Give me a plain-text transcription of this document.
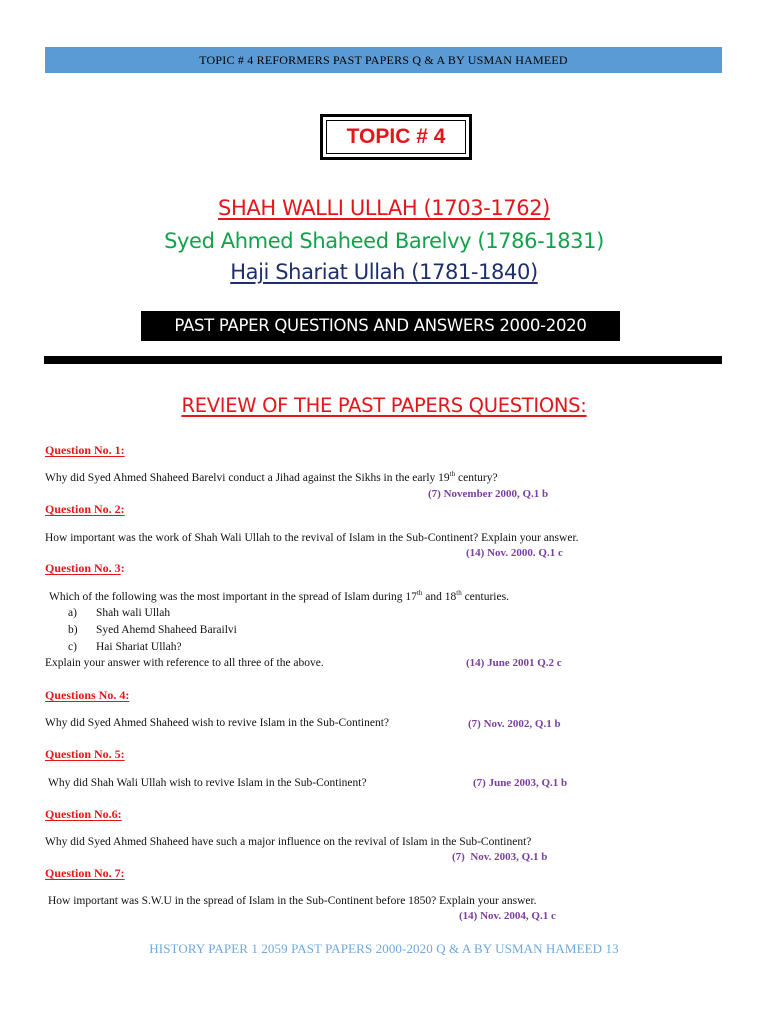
TOPIC # 4 REFORMERS PAST PAPERS Q & A BY USMAN HAMEED
TOPIC # 4
SHAH WALLI ULLAH (1703-1762)
Syed Ahmed Shaheed Barelvy (1786-1831)
Haji Shariat Ullah (1781-1840)
PAST PAPER QUESTIONS AND ANSWERS 2000-2020
REVIEW OF THE PAST PAPERS QUESTIONS:
Question No. 1:
Why did Syed Ahmed Shaheed Barelvi conduct a Jihad against the Sikhs in the early 19th century?
(7) November 2000, Q.1 b
Question No. 2:
How important was the work of Shah Wali Ullah to the revival of Islam in the Sub-Continent? Explain your answer.
(14) Nov. 2000. Q.1 c
Question No. 3:
Which of the following was the most important in the spread of Islam during 17th and 18th centuries.
a) Shah wali Ullah
b) Syed Ahemd Shaheed Barailvi
c) Hai Shariat Ullah?
Explain your answer with reference to all three of the above.	(14) June 2001 Q.2 c
Questions No. 4:
Why did Syed Ahmed Shaheed wish to revive Islam in the Sub-Continent?	(7) Nov. 2002, Q.1 b
Question No. 5:
Why did Shah Wali Ullah wish to revive Islam in the Sub-Continent?	(7) June 2003, Q.1 b
Question No.6:
Why did Syed Ahmed Shaheed have such a major influence on the revival of Islam in the Sub-Continent?
(7)  Nov. 2003, Q.1 b
Question No. 7:
How important was S.W.U in the spread of Islam in the Sub-Continent before 1850? Explain your answer.
(14) Nov. 2004, Q.1 c
HISTORY PAPER 1 2059 PAST PAPERS 2000-2020 Q & A BY USMAN HAMEED 13
